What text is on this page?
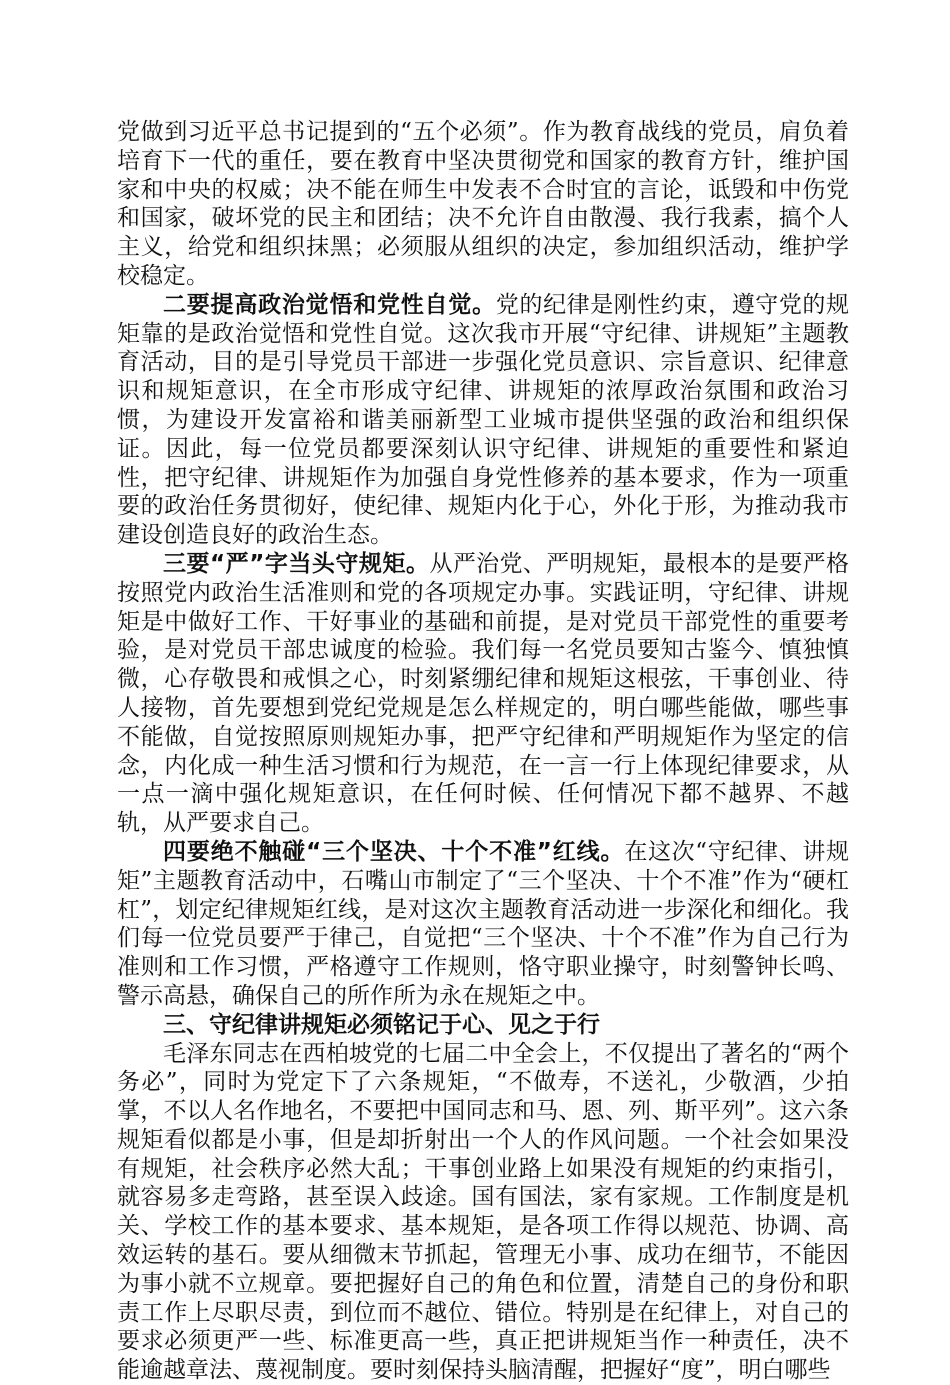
党做到习近平总书记提到的“五个必须”。作为教育战线的党员，肩负着培育下一代的重任，要在教育中坚决贯彻党和国家的教育方针，维护国家和中央的权威；决不能在师生中发表不合时宜的言论，诋毁和中伤党和国家，破坏党的民主和团结；决不允许自由散漫、我行我素，搞个人主义，给党和组织抹黑；必须服从组织的决定，参加组织活动，维护学校稳定。

二要提高政治觉悟和党性自觉。党的纪律是刚性约束，遵守党的规矩靠的是政治觉悟和党性自觉。这次我市开展“守纪律、讲规矩”主题教育活动，目的是引导党员干部进一步强化党员意识、宗旨意识、纪律意识和规矩意识，在全市形成守纪律、讲规矩的浓厚政治氛围和政治习惯，为建设开发富裕和谐美丽新型工业城市提供坚强的政治和组织保证。因此，每一位党员都要深刻认识守纪律、讲规矩的重要性和紧迫性，把守纪律、讲规矩作为加强自身党性修养的基本要求，作为一项重要的政治任务贯彻好，使纪律、规矩内化于心，外化于形，为推动我市建设创造良好的政治生态。

三要“严”字当头守规矩。从严治党、严明规矩，最根本的是要严格按照党内政治生活准则和党的各项规定办事。实践证明，守纪律、讲规矩是中做好工作、干好事业的基础和前提，是对党员干部党性的重要考验，是对党员干部忠诚度的检验。我们每一名党员要知古鉴今、慎独慎微，心存敬畏和戒惧之心，时刻紧绷纪律和规矩这根弦，干事创业、待人接物，首先要想到党纪党规是怎么样规定的，明白哪些能做，哪些事不能做，自觉按照原则规矩办事，把严守纪律和严明规矩作为坚定的信念，内化成一种生活习惯和行为规范，在一言一行上体现纪律要求，从一点一滴中强化规矩意识，在任何时候、任何情况下都不越界、不越轨，从严要求自己。

四要绝不触碰“三个坚决、十个不准”红线。在这次“守纪律、讲规矩”主题教育活动中，石嘴山市制定了“三个坚决、十个不准”作为“硬杠杠”，划定纪律规矩红线，是对这次主题教育活动进一步深化和细化。我们每一位党员要严于律己，自觉把“三个坚决、十个不准”作为自己行为准则和工作习惯，严格遵守工作规则，恪守职业操守，时刻警钟长鸣、警示高悬，确保自己的所作所为永在规矩之中。

三、守纪律讲规矩必须铭记于心、见之于行

毛泽东同志在西柏坡党的七届二中全会上，不仅提出了著名的“两个务必”，同时为党定下了六条规矩，“不做寿，不送礼，少敬酒，少拍掌，不以人名作地名，不要把中国同志和马、恩、列、斯平列”。这六条规矩看似都是小事，但是却折射出一个人的作风问题。一个社会如果没有规矩，社会秩序必然大乱；干事创业路上如果没有规矩的约束指引，就容易多走弯路，甚至误入歧途。国有国法，家有家规。工作制度是机关、学校工作的基本要求、基本规矩，是各项工作得以规范、协调、高效运转的基石。要从细微末节抓起，管理无小事、成功在细节，不能因为事小就不立规章。要把握好自己的角色和位置，清楚自己的身份和职责工作上尽职尽责，到位而不越位、错位。特别是在纪律上，对自己的要求必须更严一些、标准更高一些，真正把讲规矩当作一种责任，决不能逾越章法、蔑视制度。要时刻保持头脑清醒，把握好“度”，明白哪些
